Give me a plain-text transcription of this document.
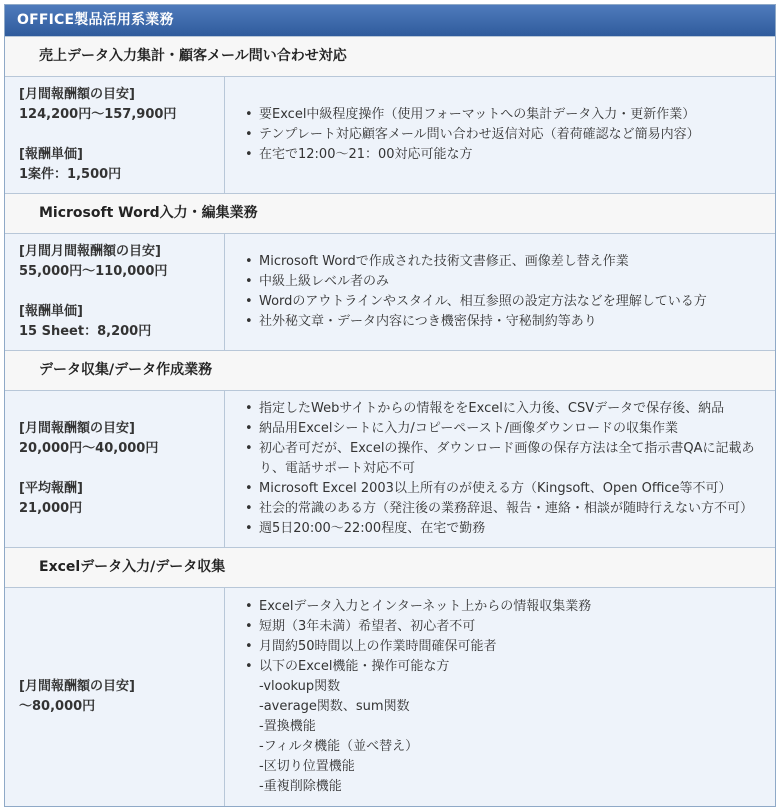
OFFICE製品活用系業務
売上データ入力集計・顧客メール問い合わせ対応
[月間報酬額の目安]
124,200円～157,900円
[報酬単価]
1案件：1,500円
• 要Excel中級程度操作（使用フォーマットへの集計データ入力・更新作業）
• テンプレート対応顧客メール問い合わせ返信対応（着荷確認など簡易内容）
• 在宅で12:00～21：00対応可能な方
Microsoft Word入力・編集業務
[月間月間報酬額の目安]
55,000円～110,000円
[報酬単価]
15 Sheet：8,200円
• Microsoft Wordで作成された技術文書修正、画像差し替え作業
• 中級上級レベル者のみ
• Wordのアウトラインやスタイル、相互参照の設定方法などを理解している方
• 社外秘文章・データ内容につき機密保持・守秘制約等あり
データ収集/データ作成業務
[月間報酬額の目安]
20,000円～40,000円
[平均報酬]
21,000円
• 指定したWebサイトからの情報ををExcelに入力後、CSVデータで保存後、納品
• 納品用Excelシートに入力/コピーペースト/画像ダウンロードの収集作業
• 初心者可だが、Excelの操作、ダウンロード画像の保存方法は全て指示書QAに記載あ
り、電話サポート対応不可
• Microsoft Excel 2003以上所有のが使える方（Kingsoft、Open Office等不可）
• 社会的常識のある方（発注後の業務辞退、報告・連絡・相談が随時行えない方不可）
• 週5日20:00～22:00程度、在宅で勤務
Excelデータ入力/データ収集
[月間報酬額の目安]
～80,000円
• Excelデータ入力とインターネット上からの情報収集業務
• 短期（3年未満）希望者、初心者不可
• 月間約50時間以上の作業時間確保可能者
• 以下のExcel機能・操作可能な方
-vlookup関数
-average関数、sum関数
-置換機能
-フィルタ機能（並べ替え）
-区切り位置機能
-重複削除機能
